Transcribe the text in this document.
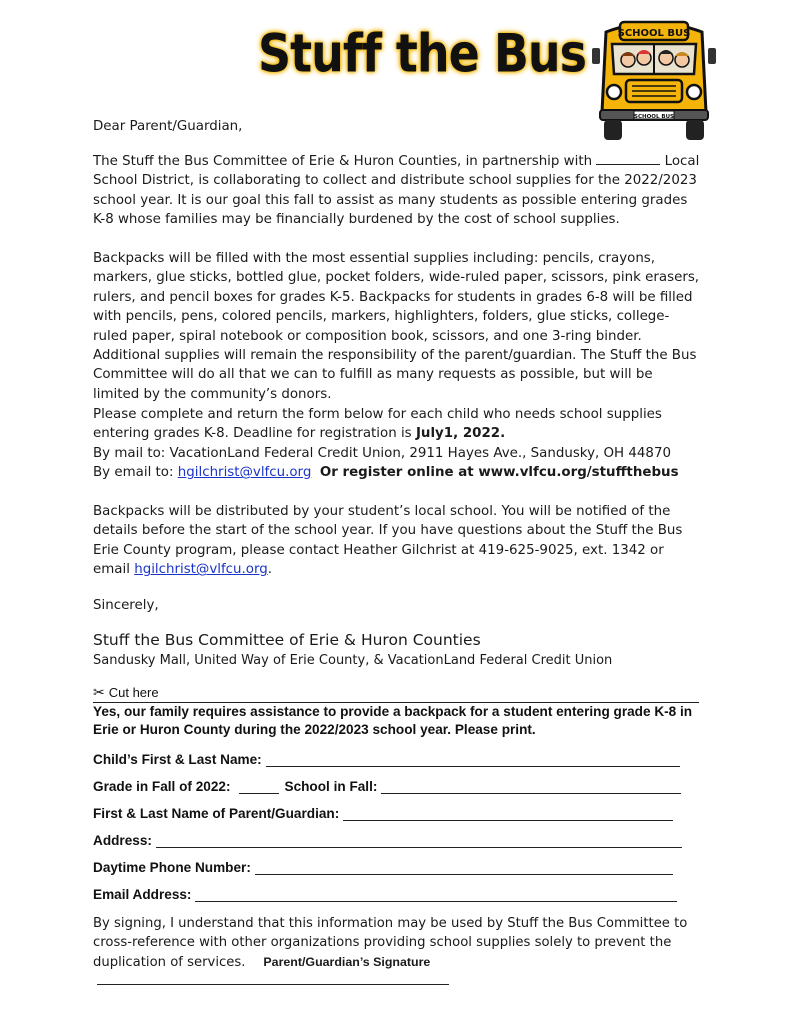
Stuff the Bus	SCHOOL BUS
SCHOOL BUS

Dear Parent/Guardian,

The Stuff the Bus Committee of Erie & Huron Counties, in partnership with	Local School District, is collaborating to collect and distribute school supplies for the 2022/2023 school year. It is our goal this fall to assist as many students as possible entering grades K-8 whose families may be financially burdened by the cost of school supplies.

Backpacks will be filled with the most essential supplies including: pencils, crayons, markers, glue sticks, bottled glue, pocket folders, wide-ruled paper, scissors, pink erasers, rulers, and pencil boxes for grades K-5. Backpacks for students in grades 6-8 will be filled with pencils, pens, colored pencils, markers, highlighters, folders, glue sticks, college-ruled paper, spiral notebook or composition book, scissors, and one 3-ring binder. Additional supplies will remain the responsibility of the parent/guardian. The Stuff the Bus Committee will do all that we can to fulfill as many requests as possible, but will be limited by the community’s donors.

Please complete and return the form below for each child who needs school supplies entering grades K-8. Deadline for registration is July1, 2022.

By mail to: VacationLand Federal Credit Union, 2911 Hayes Ave., Sandusky, OH 44870

By email to: hgilchrist@vlfcu.org Or register online at www.vlfcu.org/stuffthebus

Backpacks will be distributed by your student’s local school. You will be notified of the details before the start of the school year. If you have questions about the Stuff the Bus Erie County program, please contact Heather Gilchrist at 419-625-9025, ext. 1342 or email hgilchrist@vlfcu.org.

Sincerely,

Stuff the Bus Committee of Erie & Huron Counties
Sandusky Mall, United Way of Erie County, & VacationLand Federal Credit Union
✂ Cut here
Yes, our family requires assistance to provide a backpack for a student entering grade K-8 in Erie or Huron County during the 2022/2023 school year. Please print.
Child’s First & Last Name:
Grade in Fall of 2022:	School in Fall:
First & Last Name of Parent/Guardian:
Address:
Daytime Phone Number:
Email Address:
By signing, I understand that this information may be used by Stuff the Bus Committee to cross-reference with other organizations providing school supplies solely to prevent the duplication of services. Parent/Guardian’s Signature
